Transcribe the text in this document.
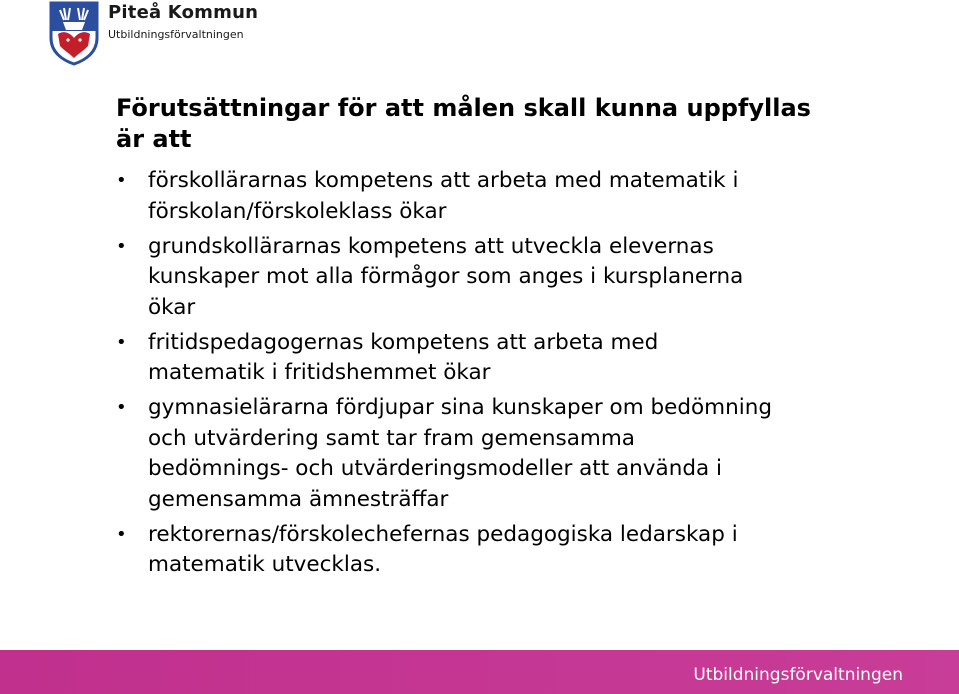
Piteå Kommun
Utbildningsförvaltningen
Förutsättningar för att målen skall kunna uppfyllas
är att
• förskollärarnas kompetens att arbeta med matematik i
förskolan/förskoleklass ökar
• grundskollärarnas kompetens att utveckla elevernas
kunskaper mot alla förmågor som anges i kursplanerna
ökar
• fritidspedagogernas kompetens att arbeta med
matematik i fritidshemmet ökar
• gymnasielärarna fördjupar sina kunskaper om bedömning
och utvärdering samt tar fram gemensamma
bedömnings- och utvärderingsmodeller att använda i
gemensamma ämnesträffar
• rektorernas/förskolechefernas pedagogiska ledarskap i
matematik utvecklas.
Utbildningsförvaltningen
